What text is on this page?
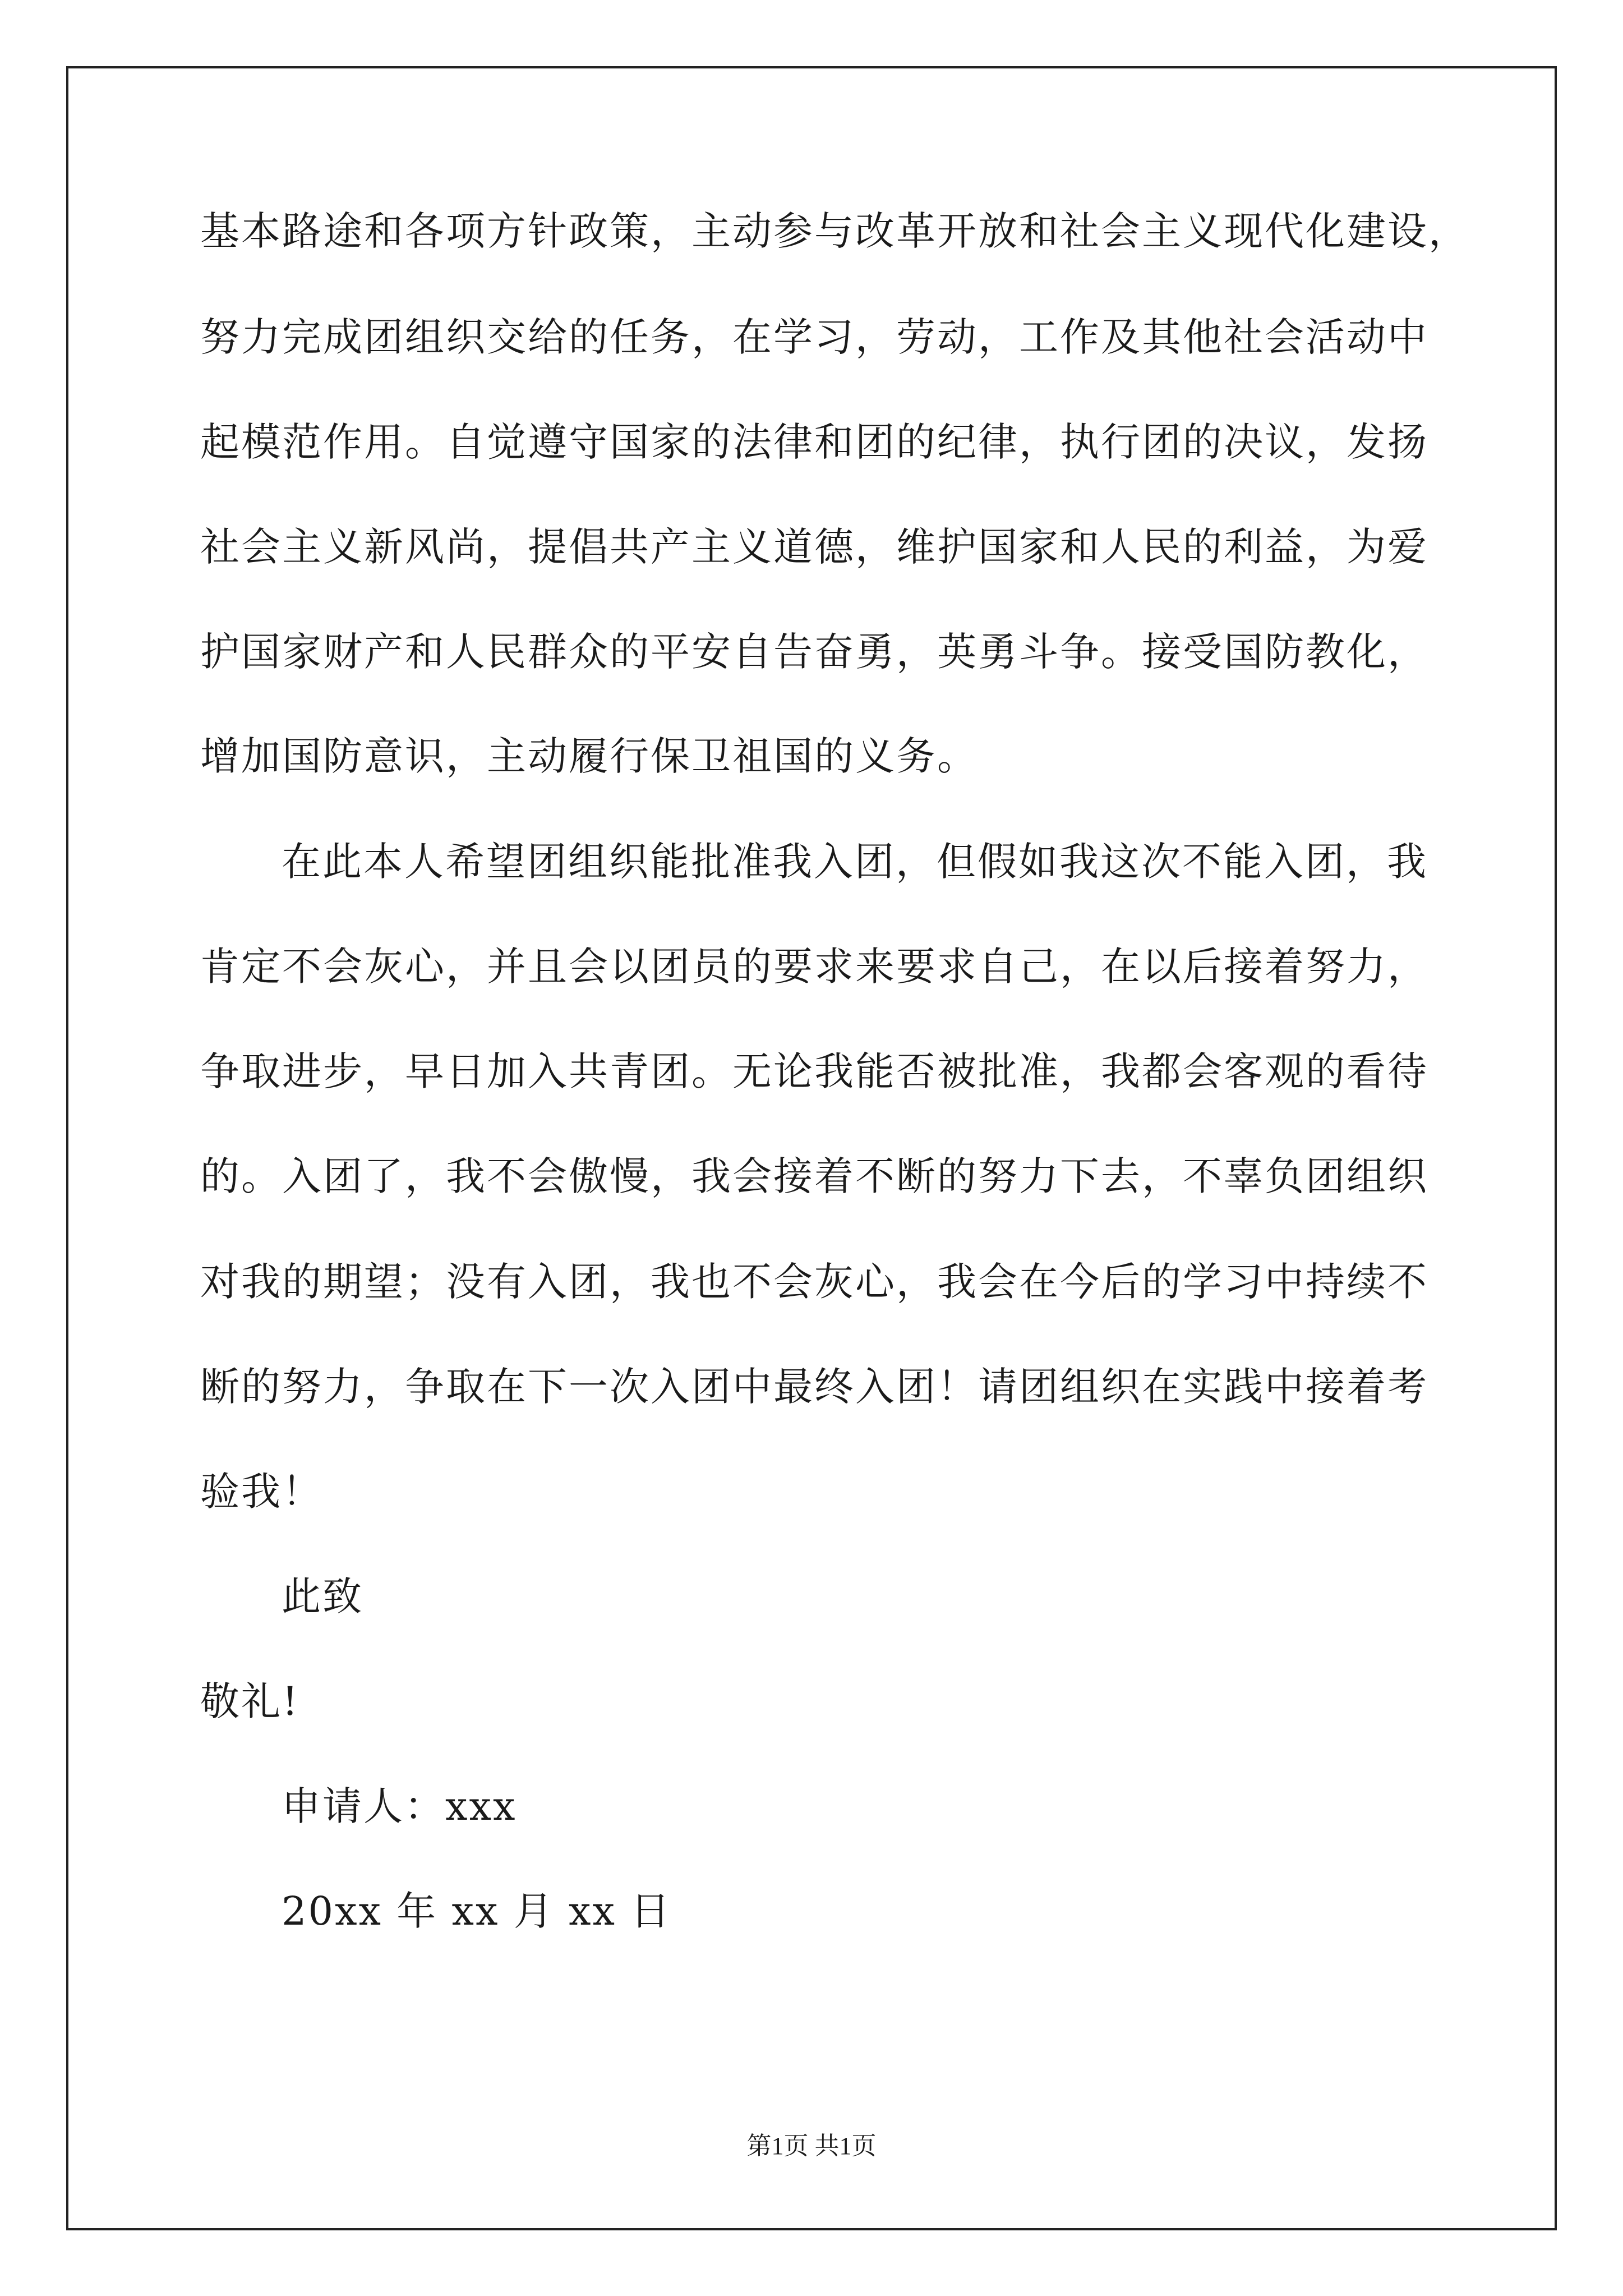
基本路途和各项方针政策，主动参与改革开放和社会主义现代化建设，
努力完成团组织交给的任务，在学习，劳动，工作及其他社会活动中
起模范作用。自觉遵守国家的法律和团的纪律，执行团的决议，发扬
社会主义新风尚，提倡共产主义道德，维护国家和人民的利益，为爱
护国家财产和人民群众的平安自告奋勇，英勇斗争。接受国防教化，
增加国防意识，主动履行保卫祖国的义务。
在此本人希望团组织能批准我入团，但假如我这次不能入团，我
肯定不会灰心，并且会以团员的要求来要求自己，在以后接着努力，
争取进步，早日加入共青团。无论我能否被批准，我都会客观的看待
的。入团了，我不会傲慢，我会接着不断的努力下去，不辜负团组织
对我的期望；没有入团，我也不会灰心，我会在今后的学习中持续不
断的努力，争取在下一次入团中最终入团！请团组织在实践中接着考
验我！
此致
敬礼!
申请人：xxx
20xx 年 xx 月 xx 日
第1页 共1页
